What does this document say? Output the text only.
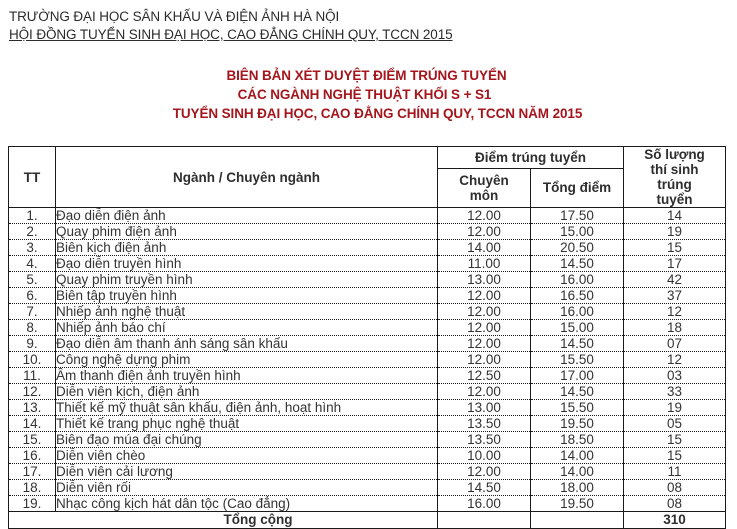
TRƯỜNG ĐẠI HỌC SÂN KHẤU VÀ ĐIỆN ẢNH HÀ NỘI
HỘI ĐỒNG TUYỂN SINH ĐẠI HỌC, CAO ĐẲNG CHÍNH QUY, TCCN 2015
BIÊN BẢN XÉT DUYỆT ĐIỂM TRÚNG TUYỂN
CÁC NGÀNH NGHỆ THUẬT KHỐI S + S1
TUYỂN SINH ĐẠI HỌC, CAO ĐẲNG CHÍNH QUY, TCCN NĂM 2015
TT	Ngành / Chuyên ngành	Điểm trúng tuyển		Số lượng thí sinh trúng tuyển
		Chuyên môn	Tổng điểm	
1.	Đạo diễn điện ảnh	12.00	17.50	14
2.	Quay phim điện ảnh	12.00	15.00	19
3.	Biên kịch điện ảnh	14.00	20.50	15
4.	Đạo diễn truyền hình	11.00	14.50	17
5.	Quay phim truyền hình	13.00	16.00	42
6.	Biên tập truyền hình	12.00	16.50	37
7.	Nhiếp ảnh nghệ thuật	12.00	16.00	12
8.	Nhiếp ảnh báo chí	12.00	15.00	18
9.	Đạo diễn âm thanh ánh sáng sân khấu	12.00	14.50	07
10.	Công nghệ dựng phim	12.00	15.50	12
11.	Âm thanh điện ảnh truyền hình	12.50	17.00	03
12.	Diễn viên kịch, điện ảnh	12.00	14.50	33
13.	Thiết kế mỹ thuật sân khấu, điện ảnh, hoạt hình	13.00	15.50	19
14.	Thiết kế trang phục nghệ thuật	13.50	19.50	05
15.	Biên đạo múa đại chúng	13.50	18.50	15
16.	Diễn viên chèo	10.00	14.00	15
17.	Diễn viên cải lương	12.00	14.00	11
18.	Diễn viên rối	14.50	18.00	08
19.	Nhạc công kịch hát dân tộc (Cao đẳng)	16.00	19.50	08
Tổng cộng				310
